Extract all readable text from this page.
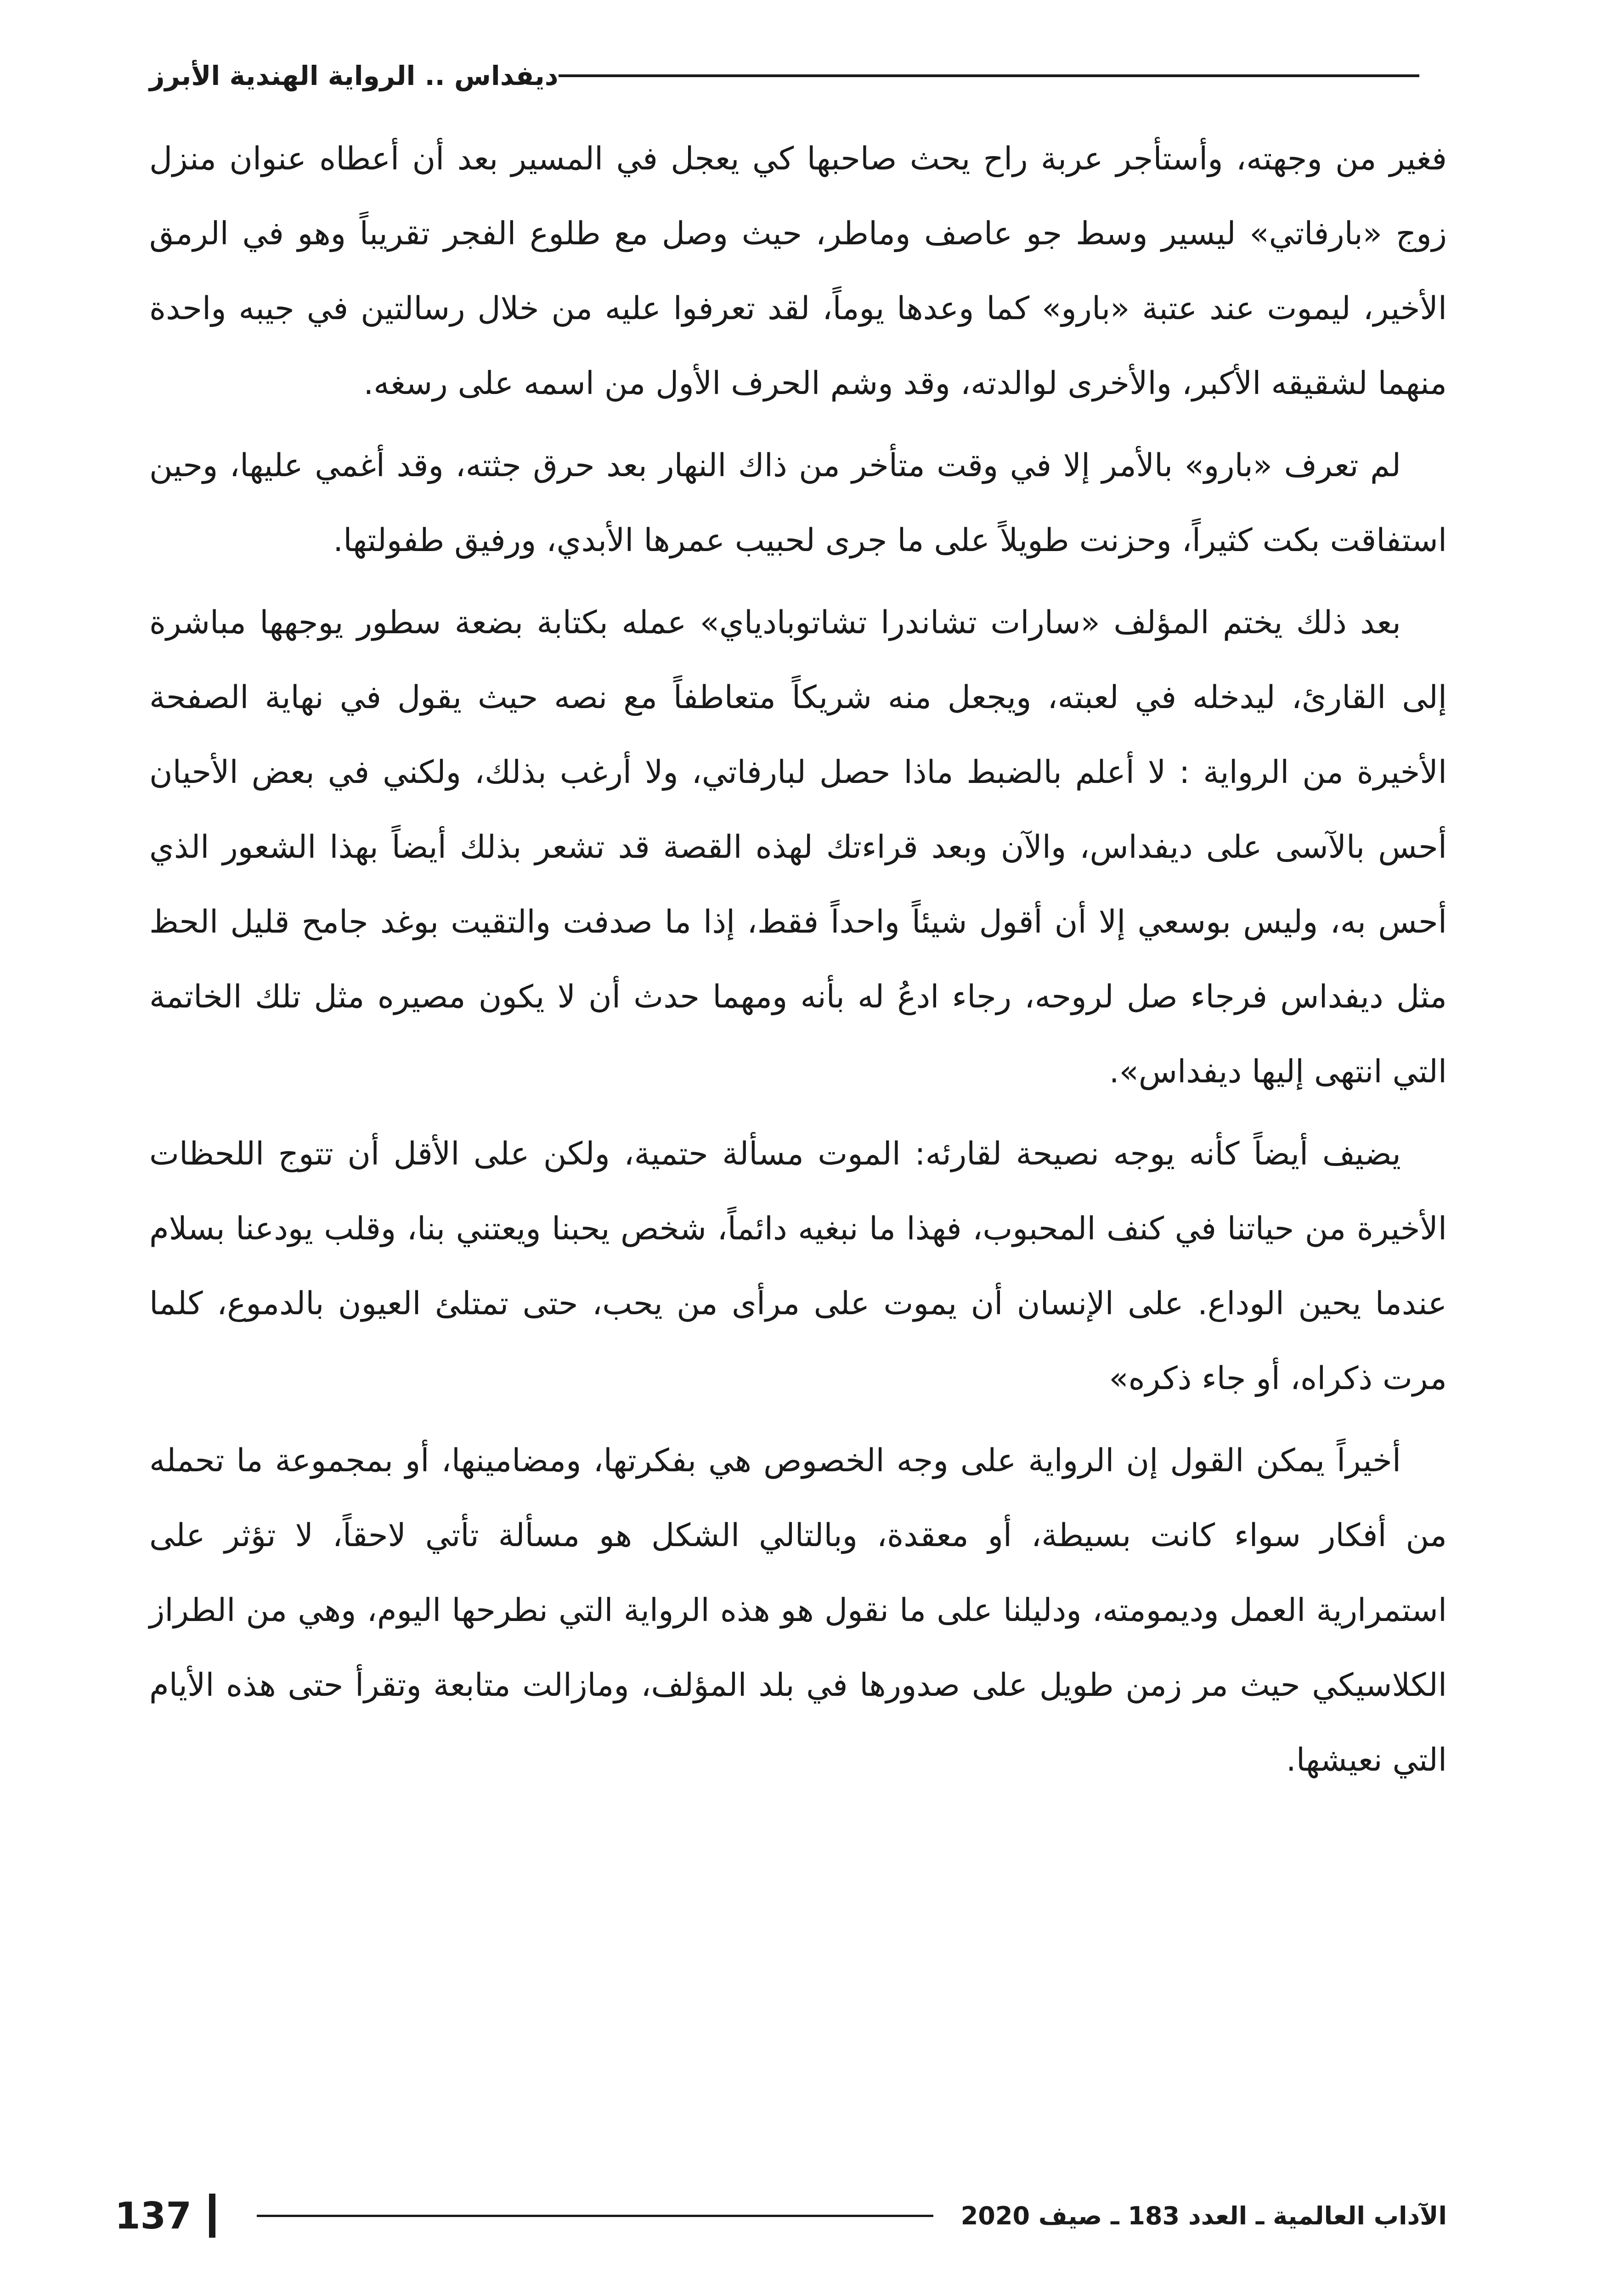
ديفداس .. الرواية الهندية الأبرز

فغير من وجهته، وأستأجر عربة راح يحث صاحبها كي يعجل في المسير بعد أن أعطاه عنوان منزل زوج «بارفاتي» ليسير وسط جو عاصف وماطر، حيث وصل مع طلوع الفجر تقريباً وهو في الرمق الأخير، ليموت عند عتبة «بارو» كما وعدها يوماً، لقد تعرفوا عليه من خلال رسالتين في جيبه واحدة منهما لشقيقه الأكبر، والأخرى لوالدته، وقد وشم الحرف الأول من اسمه على رسغه.

لم تعرف «بارو» بالأمر إلا في وقت متأخر من ذاك النهار بعد حرق جثته، وقد أغمي عليها، وحين استفاقت بكت كثيراً، وحزنت طويلاً على ما جرى لحبيب عمرها الأبدي، ورفيق طفولتها.

بعد ذلك يختم المؤلف «سارات تشاندرا تشاتوبادياي» عمله بكتابة بضعة سطور يوجهها مباشرة إلى القارئ، ليدخله في لعبته، ويجعل منه شريكاً متعاطفاً مع نصه حيث يقول في نهاية الصفحة الأخيرة من الرواية : لا أعلم بالضبط ماذا حصل لبارفاتي، ولا أرغب بذلك، ولكني في بعض الأحيان أحس بالآسى على ديفداس، والآن وبعد قراءتك لهذه القصة قد تشعر بذلك أيضاً بهذا الشعور الذي أحس به، وليس بوسعي إلا أن أقول شيئاً واحداً فقط، إذا ما صدفت والتقيت بوغد جامح قليل الحظ مثل ديفداس فرجاء صل لروحه، رجاء ادعُ له بأنه ومهما حدث أن لا يكون مصيره مثل تلك الخاتمة التي انتهى إليها ديفداس».

يضيف أيضاً كأنه يوجه نصيحة لقارئه: الموت مسألة حتمية، ولكن على الأقل أن تتوج اللحظات الأخيرة من حياتنا في كنف المحبوب، فهذا ما نبغيه دائماً، شخص يحبنا ويعتني بنا، وقلب يودعنا بسلام عندما يحين الوداع. على الإنسان أن يموت على مرأى من يحب، حتى تمتلئ العيون بالدموع، كلما مرت ذكراه، أو جاء ذكره»

أخيراً يمكن القول إن الرواية على وجه الخصوص هي بفكرتها، ومضامينها، أو بمجموعة ما تحمله من أفكار سواء كانت بسيطة، أو معقدة، وبالتالي الشكل هو مسألة تأتي لاحقاً، لا تؤثر على استمرارية العمل وديمومته، ودليلنا على ما نقول هو هذه الرواية التي نطرحها اليوم، وهي من الطراز الكلاسيكي حيث مر زمن طويل على صدورها في بلد المؤلف، ومازالت متابعة وتقرأ حتى هذه الأيام التي نعيشها.

137	الآداب العالمية ـ العدد 183 ـ صيف 2020
